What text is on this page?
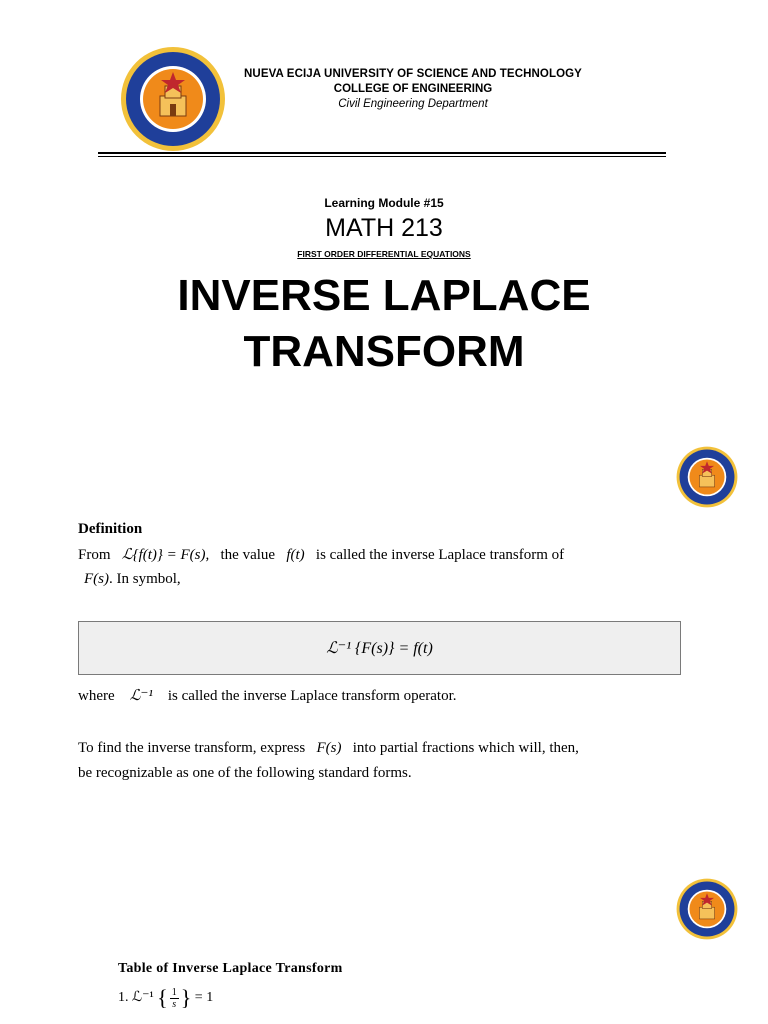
NUEVA ECIJA UNIVERSITY OF SCIENCE AND TECHNOLOGY
COLLEGE OF ENGINEERING
Civil Engineering Department
Learning Module #15
MATH 213
FIRST ORDER DIFFERENTIAL EQUATIONS
INVERSE LAPLACE
TRANSFORM
Definition
From ℒ{f(t)} = F(s), the value f(t) is called the inverse Laplace transform of
F(s). In symbol,
ℒ⁻¹ {F(s)} = f(t)
where ℒ⁻¹ is called the inverse Laplace transform operator.
To find the inverse transform, express F(s) into partial fractions which will, then,
be recognizable as one of the following standard forms.
Table of Inverse Laplace Transform
1. ℒ⁻¹ { $\frac{1}{s}$ } = 1
